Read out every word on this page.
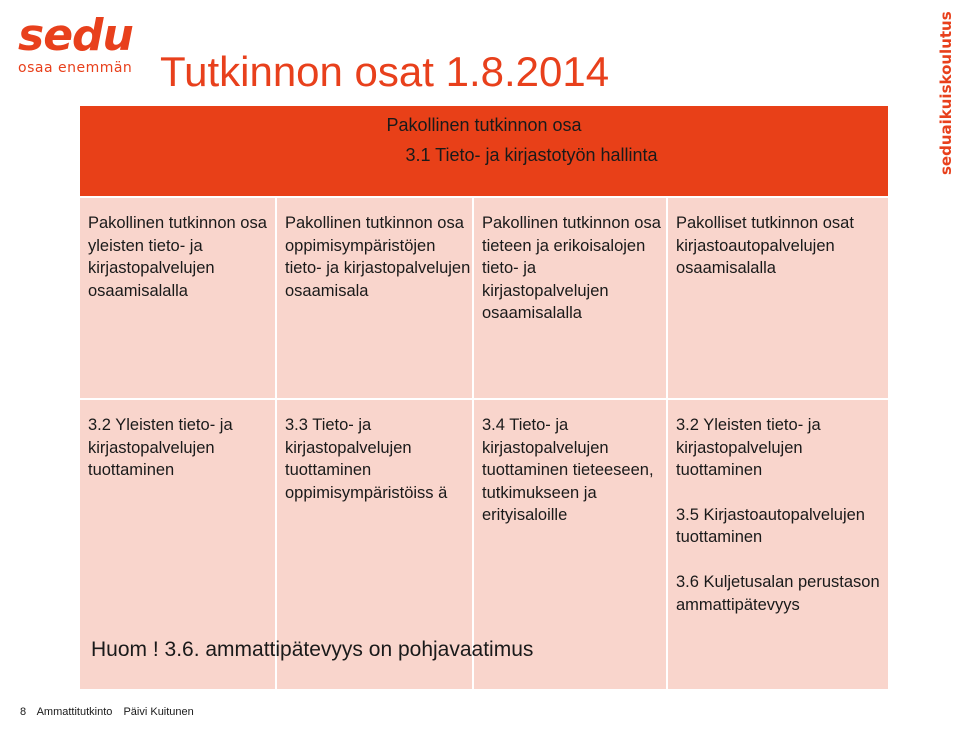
sedu
osaa enemmän	seduaikuiskoulutus
Tutkinnon osat 1.8.2014
Pakollinen tutkinnon osa
3.1 Tieto- ja kirjastotyön hallinta			

Pakollinen tutkinnon osa yleisten tieto- ja kirjastopalvelujen osaamisalalla	Pakollinen tutkinnon osa oppimisympäristöjen tieto- ja kirjastopalvelujen osaamisala	Pakollinen tutkinnon osa tieteen ja erikoisalojen tieto- ja kirjastopalvelujen osaamisalalla	Pakolliset tutkinnon osat kirjastoautopalvelujen osaamisalalla

3.2 Yleisten tieto- ja kirjastopalvelujen tuottaminen	3.3 Tieto- ja kirjastopalvelujen tuottaminen oppimisympäristöiss ä	3.4 Tieto- ja kirjastopalvelujen tuottaminen tieteeseen, tutkimukseen ja erityisaloille	3.2 Yleisten tieto- ja kirjastopalvelujen tuottaminen

3.5 Kirjastoautopalvelujen tuottaminen

3.6 Kuljetusalan perustason ammattipätevyys

Huom ! 3.6. ammattipätevyys on pohjavaatimus
8 Ammattitutkinto Päivi Kuitunen
